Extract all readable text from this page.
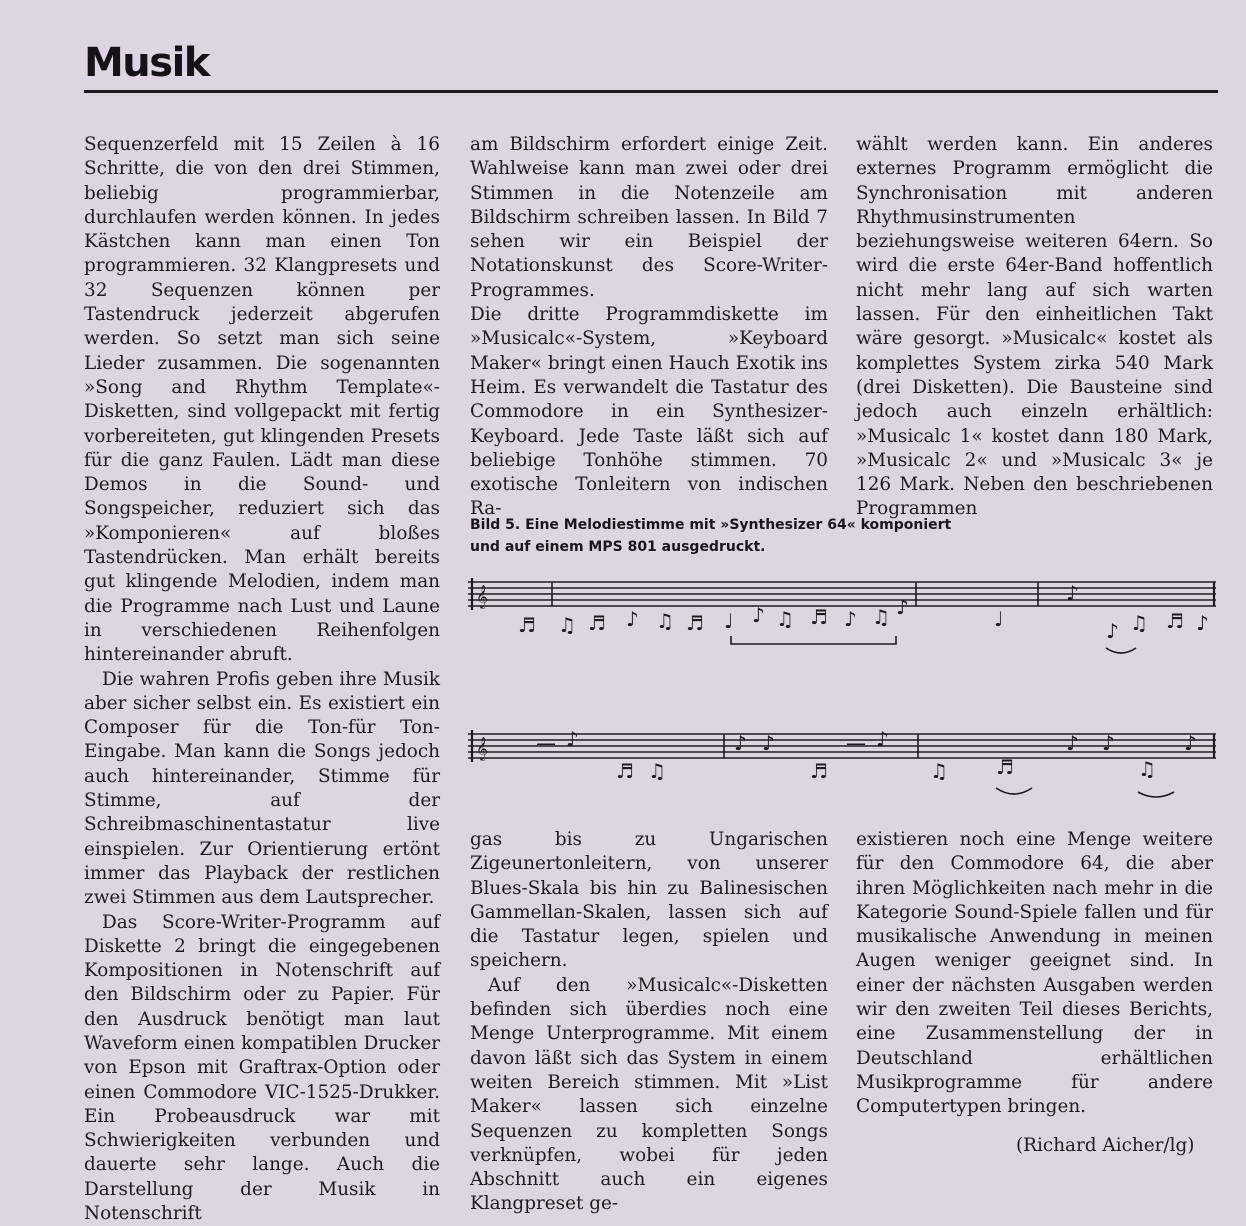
Musik

Sequenzerfeld mit 15 Zeilen à 16 Schritte, die von den drei Stimmen, beliebig programmierbar, durchlaufen werden können. In jedes Kästchen kann man einen Ton programmieren. 32 Klangpresets und 32 Sequenzen können per Tastendruck jederzeit abgerufen werden. So setzt man sich seine Lieder zusammen. Die sogenannten »Song and Rhythm Template«-Disketten, sind vollgepackt mit fertig vorbereiteten, gut klingenden Presets für die ganz Faulen. Lädt man diese Demos in die Sound- und Songspeicher, reduziert sich das »Komponieren« auf bloßes Tastendrücken. Man erhält bereits gut klingende Melodien, indem man die Programme nach Lust und Laune in verschiedenen Reihenfolgen hintereinander abruft.

Die wahren Profis geben ihre Musik aber sicher selbst ein. Es existiert ein Composer für die Ton-für Ton-Eingabe. Man kann die Songs jedoch auch hintereinander, Stimme für Stimme, auf der Schreibmaschinentastatur live einspielen. Zur Orientierung ertönt immer das Playback der restlichen zwei Stimmen aus dem Lautsprecher.

Das Score-Writer-Programm auf Diskette 2 bringt die eingegebenen Kompositionen in Notenschrift auf den Bildschirm oder zu Papier. Für den Ausdruck benötigt man laut Waveform einen kompatiblen Drucker von Epson mit Graftrax-Option oder einen Commodore VIC-1525-Drukker. Ein Probeausdruck war mit Schwierigkeiten verbunden und dauerte sehr lange. Auch die Darstellung der Musik in Notenschrift

am Bildschirm erfordert einige Zeit. Wahlweise kann man zwei oder drei Stimmen in die Notenzeile am Bildschirm schreiben lassen. In Bild 7 sehen wir ein Beispiel der Notationskunst des Score-Writer-Programmes.

Die dritte Programmdiskette im »Musicalc«-System, »Keyboard Maker« bringt einen Hauch Exotik ins Heim. Es verwandelt die Tastatur des Commodore in ein Synthesizer-Keyboard. Jede Taste läßt sich auf beliebige Tonhöhe stimmen. 70 exotische Tonleitern von indischen Ra-

wählt werden kann. Ein anderes externes Programm ermöglicht die Synchronisation mit anderen Rhythmusinstrumenten beziehungsweise weiteren 64ern. So wird die erste 64er-Band hoffentlich nicht mehr lang auf sich warten lassen. Für den einheitlichen Takt wäre gesorgt. »Musicalc« kostet als komplettes System zirka 540 Mark (drei Disketten). Die Bausteine sind jedoch auch einzeln erhältlich: »Musicalc 1« kostet dann 180 Mark, »Musicalc 2« und »Musicalc 3« je 126 Mark. Neben den beschriebenen Programmen

Bild 5. Eine Melodiestimme mit »Synthesizer 64« komponiert
und auf einem MPS 801 ausgedruckt.
𝄞
♬ ♫ ♬ ♪ ♫ ♬ ♩ ♪ ♫ ♬ ♪ ♫ ♪	♩
♪
♪ ♫ ♬ ♪
𝄞 — ♪
♬ ♫
♪ ♪
♬
— ♪
♫ ♬
♪ ♪
♫
♪

gas bis zu Ungarischen Zigeunertonleitern, von unserer Blues-Skala bis hin zu Balinesischen Gammellan-Skalen, lassen sich auf die Tastatur legen, spielen und speichern.

Auf den »Musicalc«-Disketten befinden sich überdies noch eine Menge Unterprogramme. Mit einem davon läßt sich das System in einem weiten Bereich stimmen. Mit »List Maker« lassen sich einzelne Sequenzen zu kompletten Songs verknüpfen, wobei für jeden Abschnitt auch ein eigenes Klangpreset ge-

existieren noch eine Menge weitere für den Commodore 64, die aber ihren Möglichkeiten nach mehr in die Kategorie Sound-Spiele fallen und für musikalische Anwendung in meinen Augen weniger geeignet sind. In einer der nächsten Ausgaben werden wir den zweiten Teil dieses Berichts, eine Zusammenstellung der in Deutschland erhältlichen Musikprogramme für andere Computertypen bringen.

(Richard Aicher/lg)
